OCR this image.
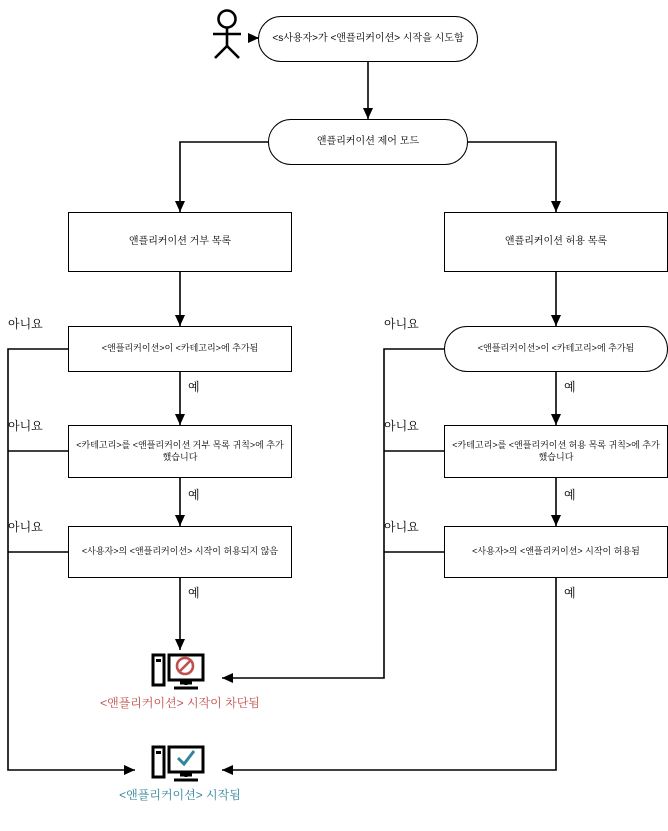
<s사용자>가 <앤플리커이션> 시작을 시도함
앤플리커이션 제어 모드
앤플리커이션 거부 목록	앤플리커이션 허용 목록
<앤플리커이션>이 <카테고리>에 추가됨
<카테고리>를 <앤플리커이션 거부 목록 귀칙>에 추가했습니다
<사용자>의 <앤플리커이션> 시작이 허용되지 않음
<앤플리커이션>이 <카테고리>에 추가됨
<카테고리>를 <앤플리커이션 허용 목록 귀칙>에 추가했습니다
<사용자>의 <앤플리커이션> 시작이 허용됨
아니요
아니요
아니요
예
예
예
아니요
아니요
아니요
예
예
예
<앤플리커이션> 시작이 차단됨
<앤플리커이션> 시작됨
